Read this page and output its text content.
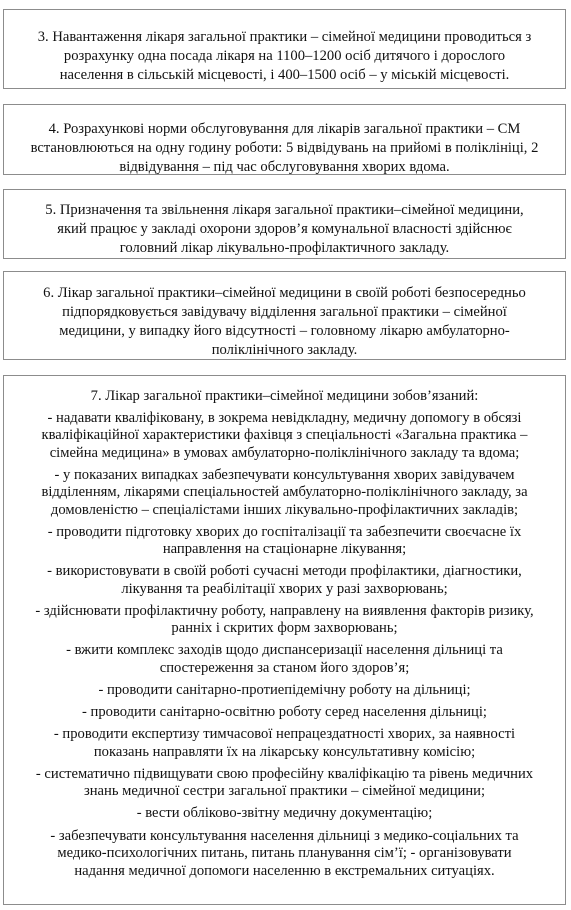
3. Навантаження лікаря загальної практики – сімейної медицини проводиться з

розрахунку одна посада лікаря на 1100–1200 осіб дитячого і дорослого

населення в сільській місцевості, і 400–1500 осіб – у міській місцевості.

4. Розрахункові норми обслуговування для лікарів загальної практики – СМ

встановлюються на одну годину роботи: 5 відвідувань на прийомі в поліклініці, 2

відвідування – під час обслуговування хворих вдома.

5. Призначення та звільнення лікаря загальної практики–сімейної медицини,

який працює у закладі охорони здоров’я комунальної власності здійснює

головний лікар лікувально-профілактичного закладу.

6. Лікар загальної практики–сімейної медицини в своїй роботі безпосередньо

підпорядковується завідувачу відділення загальної практики – сімейної

медицини, у випадку його відсутності – головному лікарю амбулаторно-

поліклінічного закладу.

7. Лікар загальної практики–сімейної медицини зобов’язаний:

- надавати кваліфіковану, в зокрема невідкладну, медичну допомогу в обсязі

кваліфікаційної характеристики фахівця з спеціальності «Загальна практика –

сімейна медицина» в умовах амбулаторно-поліклінічного закладу та вдома;

- у показаних випадках забезпечувати консультування хворих завідувачем

відділенням, лікарями спеціальностей амбулаторно-поліклінічного закладу, за

домовленістю – спеціалістами інших лікувально-профілактичних закладів;

- проводити підготовку хворих до госпіталізації та забезпечити своєчасне їх

направлення на стаціонарне лікування;

- використовувати в своїй роботі сучасні методи профілактики, діагностики,

лікування та реабілітації хворих у разі захворювань;

- здійснювати профілактичну роботу, направлену на виявлення факторів ризику,

ранніх і скритих форм захворювань;

- вжити комплекс заходів щодо диспансеризації населення дільниці та

спостереження за станом його здоров’я;

- проводити санітарно-протиепідемічну роботу на дільниці;

- проводити санітарно-освітню роботу серед населення дільниці;

- проводити експертизу тимчасової непрацездатності хворих, за наявності

показань направляти їх на лікарську консультативну комісію;

- систематично підвищувати свою професійну кваліфікацію та рівень медичних

знань медичної сестри загальної практики – сімейної медицини;

- вести обліково-звітну медичну документацію;

- забезпечувати консультування населення дільниці з медико-соціальних та

медико-психологічних питань, питань планування сім’ї; - організовувати

надання медичної допомоги населенню в екстремальних ситуаціях.
